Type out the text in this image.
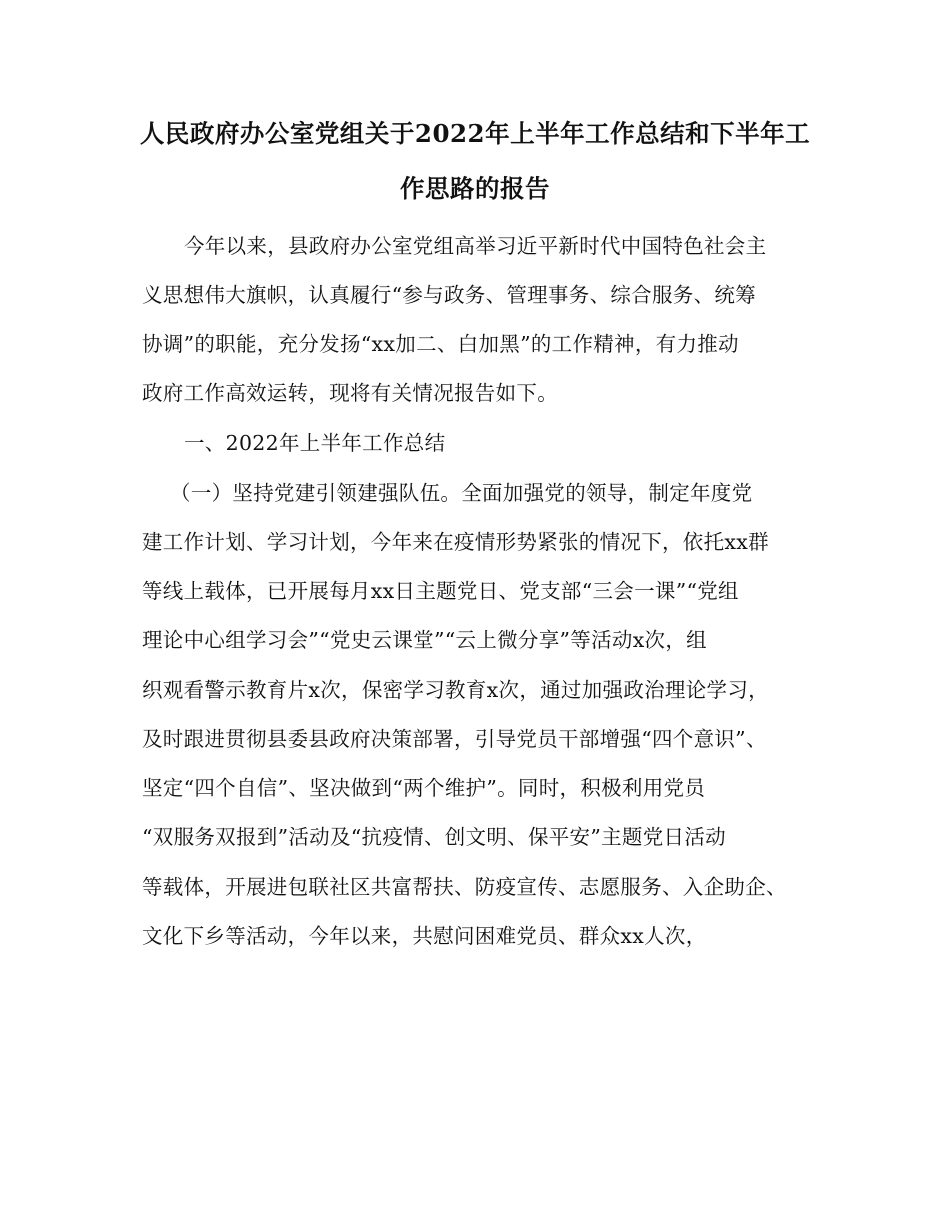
人民政府办公室党组关于2022年上半年工作总结和下半年工
作思路的报告
今年以来，县政府办公室党组高举习近平新时代中国特色社会主
义思想伟大旗帜，认真履行“参与政务、管理事务、综合服务、统筹
协调”的职能，充分发扬“xx加二、白加黑”的工作精神，有力推动
政府工作高效运转，现将有关情况报告如下。
一、2022年上半年工作总结
（一）坚持党建引领建强队伍。全面加强党的领导，制定年度党
建工作计划、学习计划，今年来在疫情形势紧张的情况下，依托xx群
等线上载体，已开展每月xx日主题党日、党支部“三会一课”“党组
理论中心组学习会”“党史云课堂”“云上微分享”等活动x次，组
织观看警示教育片x次，保密学习教育x次，通过加强政治理论学习，
及时跟进贯彻县委县政府决策部署，引导党员干部增强“四个意识”、
坚定“四个自信”、坚决做到“两个维护”。同时，积极利用党员
“双服务双报到”活动及“抗疫情、创文明、保平安”主题党日活动
等载体，开展进包联社区共富帮扶、防疫宣传、志愿服务、入企助企、
文化下乡等活动，今年以来，共慰问困难党员、群众xx人次，
